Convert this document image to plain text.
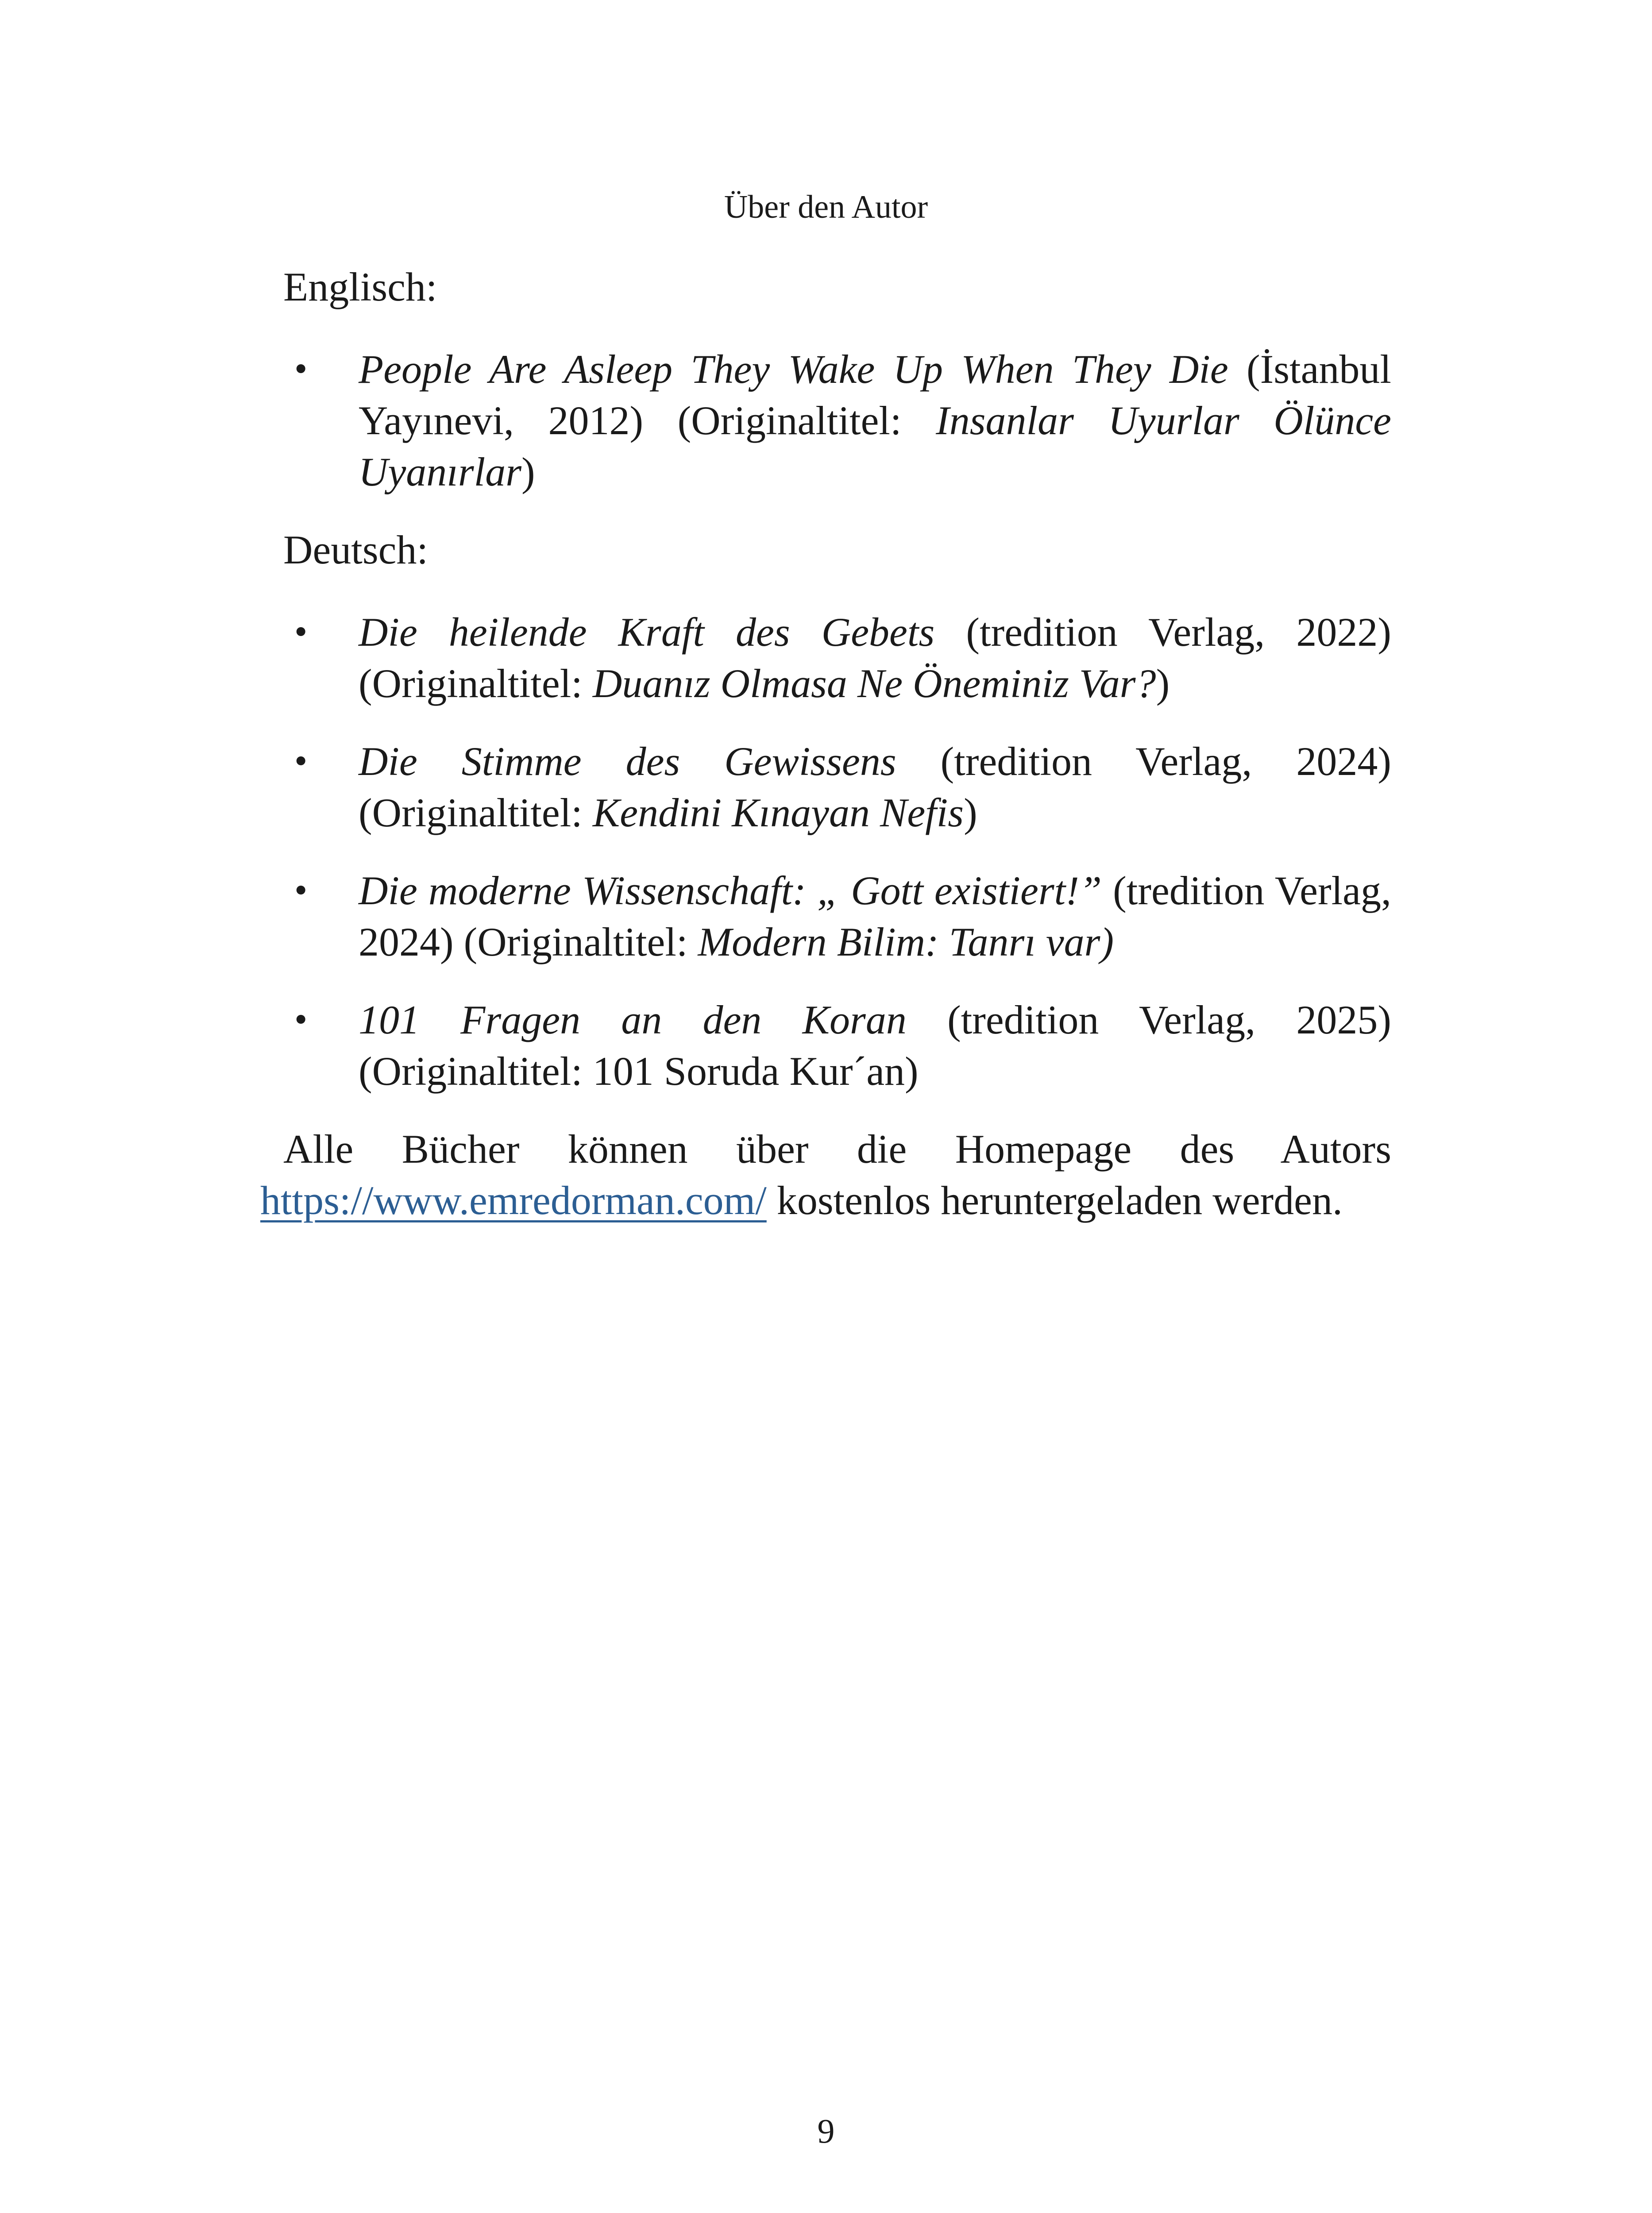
Über den Autor
Englisch:
• People Are Asleep They Wake Up When They Die (İstanbul Yayınevi, 2012) (Originaltitel: Insanlar Uyurlar Ölünce Uyanırlar)
Deutsch:
• Die heilende Kraft des Gebets (tredition Verlag, 2022) (Originaltitel: Duanız Olmasa Ne Öneminiz Var?)
• Die Stimme des Gewissens (tredition Verlag, 2024) (Originaltitel: Kendini Kınayan Nefis)
• Die moderne Wissenschaft: „ Gott existiert!” (tredition Verlag, 2024) (Originaltitel: Modern Bilim: Tanrı var)
• 101 Fragen an den Koran (tredition Verlag, 2025)(Originaltitel: 101 Soruda Kur´an)

Alle Bücher können über die Homepage des Autors https://www.emredorman.com/ kostenlos heruntergeladen werden.

9
